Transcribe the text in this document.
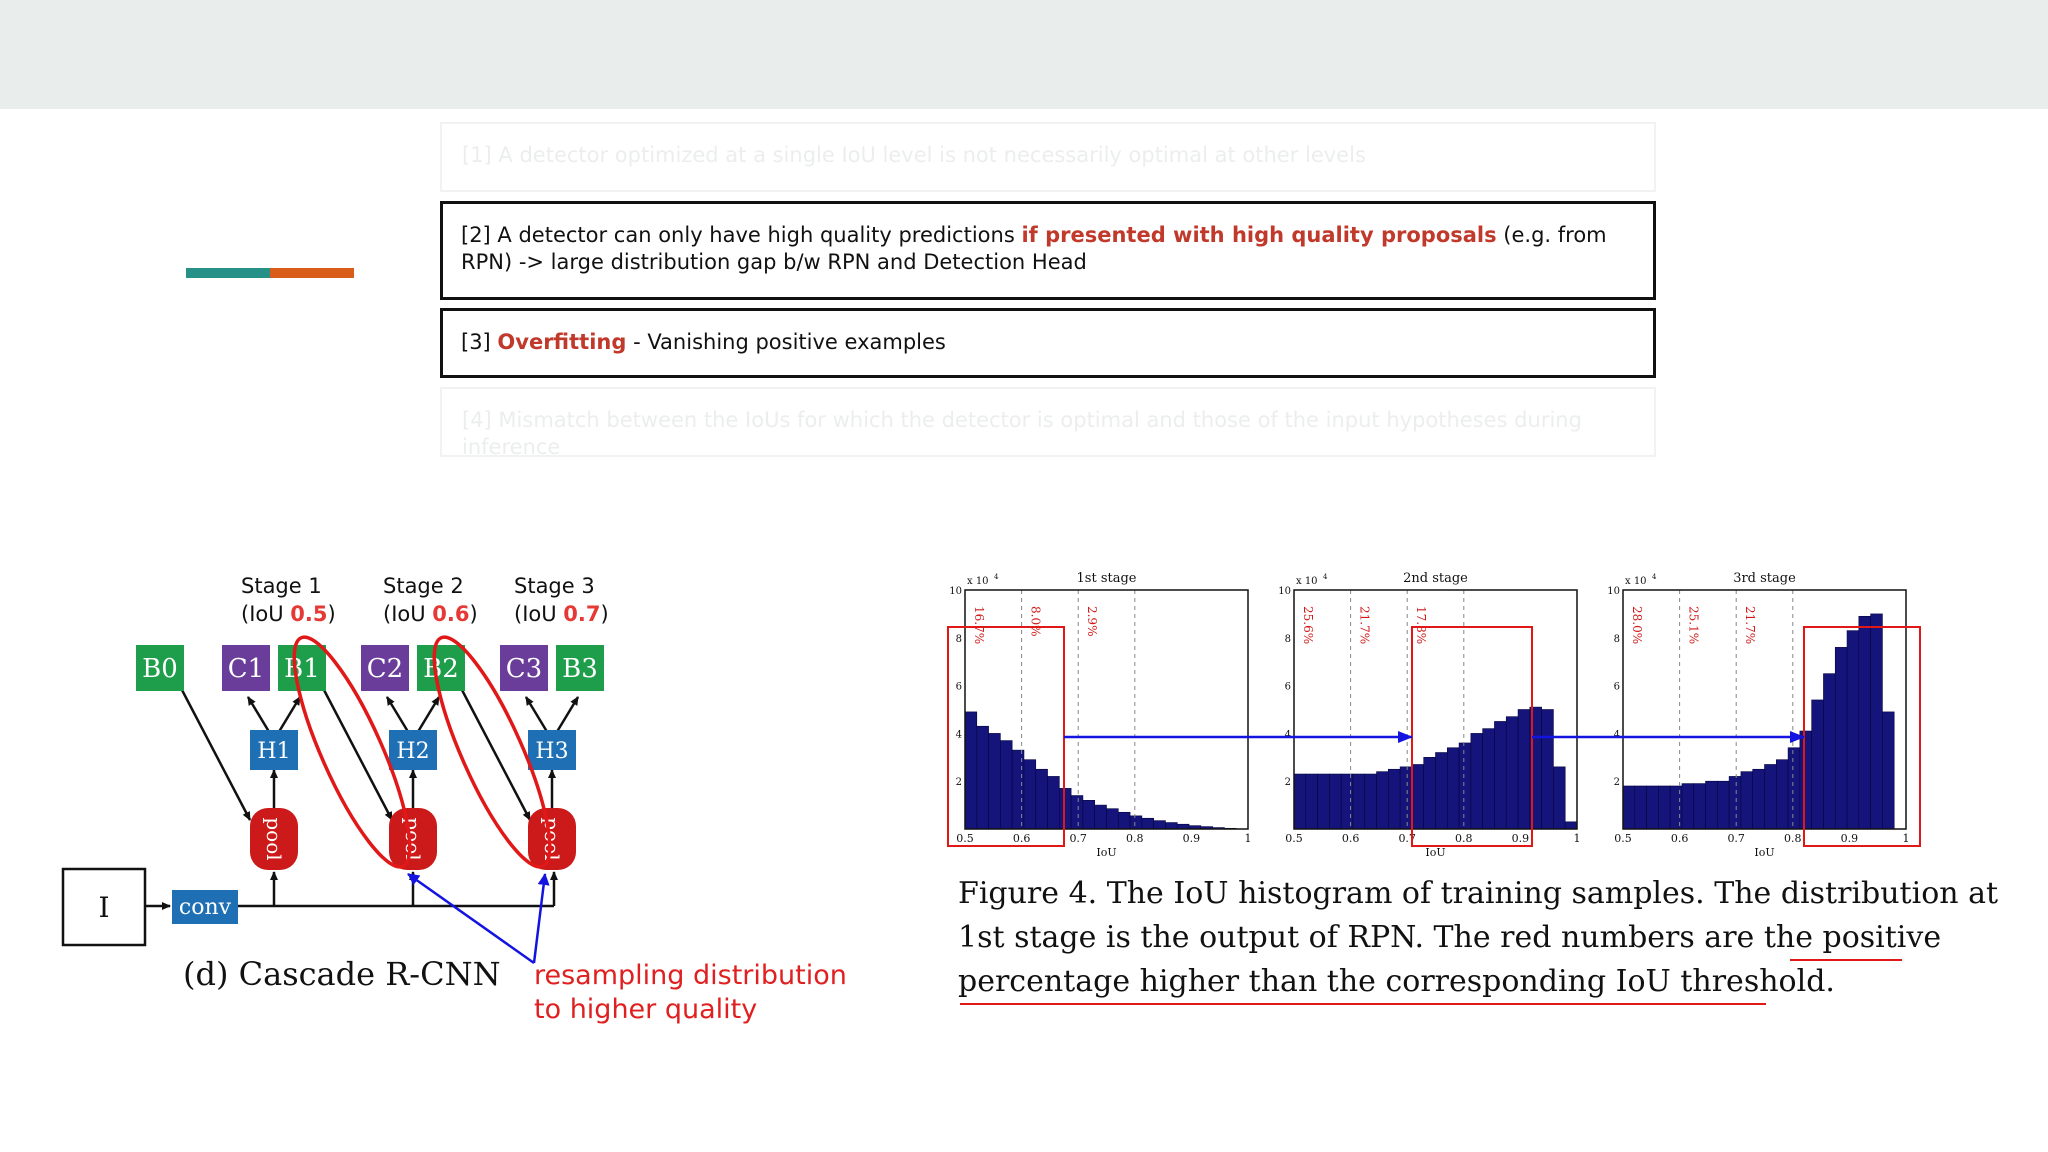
[1] A detector optimized at a single IoU level is not necessarily optimal at other levels
[2] A detector can only have high quality predictions if presented with high quality proposals (e.g. from RPN) -> large distribution gap b/w RPN and Detection Head
[3] Overfitting - Vanishing positive examples
[4] Mismatch between the IoUs for which the detector is optimal and those of the input hypotheses during inference
Stage 1
(IoU 0.5)
Stage 2
(IoU 0.6)
Stage 3
(IoU 0.7)
B0 C1 B1 C2 B2 C3 B3
H1	H2	H3
pool	pool	pool
conv
I
(d) Cascade R-CNN resampling distribution to higher quality
1st stage
0.5	0.6	0.7	0.8	0.9	1
IoU
2
4
6
8
10
x 10 4
16.7%	8.0%	2.9%
2nd stage
0.5	0.6	0.7	0.8	0.9	1
IoU
2
4
6
8
10
x 10 4
25.6%	21.7%	17.8%
3rd stage
0.5	0.6	0.7	0.8	0.9	1
IoU
2
4
6
8
10
x 10 4
28.0%	25.1%	21.7%
Figure 4. The IoU histogram of training samples. The distribution at 1st stage is the output of RPN. The red numbers are the positive percentage higher than the corresponding IoU threshold.
